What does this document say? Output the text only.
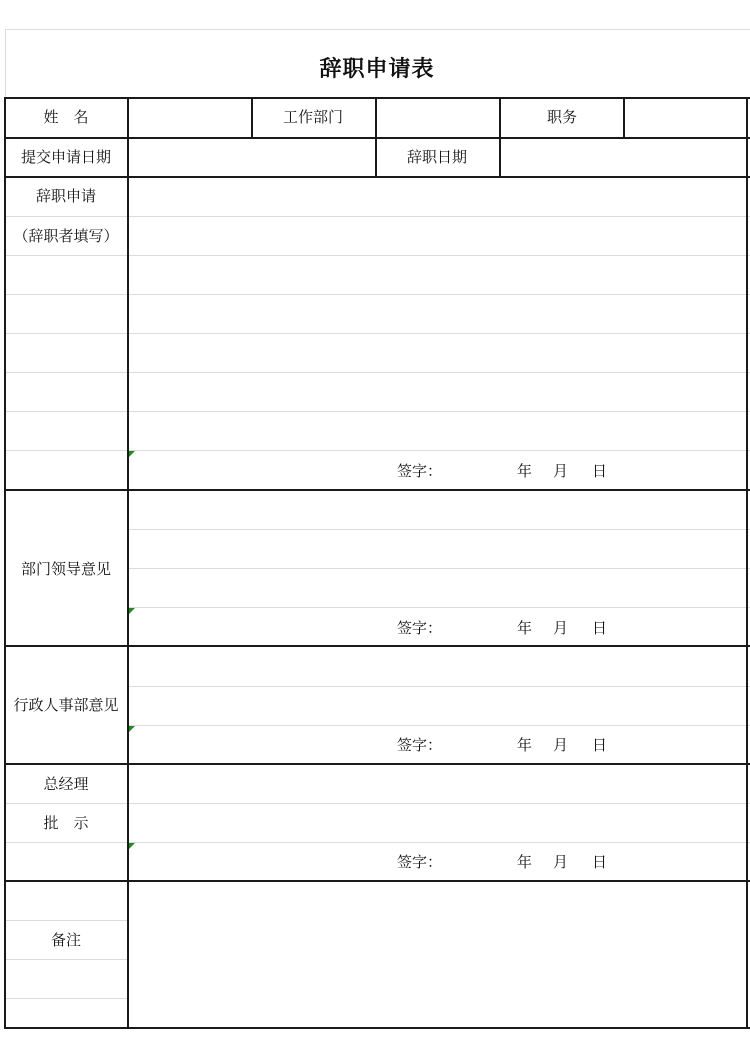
辞职申请表
姓　名	工作部门	职务
提交申请日期	辞职日期
辞职申请
（辞职者填写）
签字：	年 月 日
部门领导意见
签字：	年 月 日
行政人事部意见
签字：	年 月 日
总经理
批　示
签字：	年 月 日
备注
